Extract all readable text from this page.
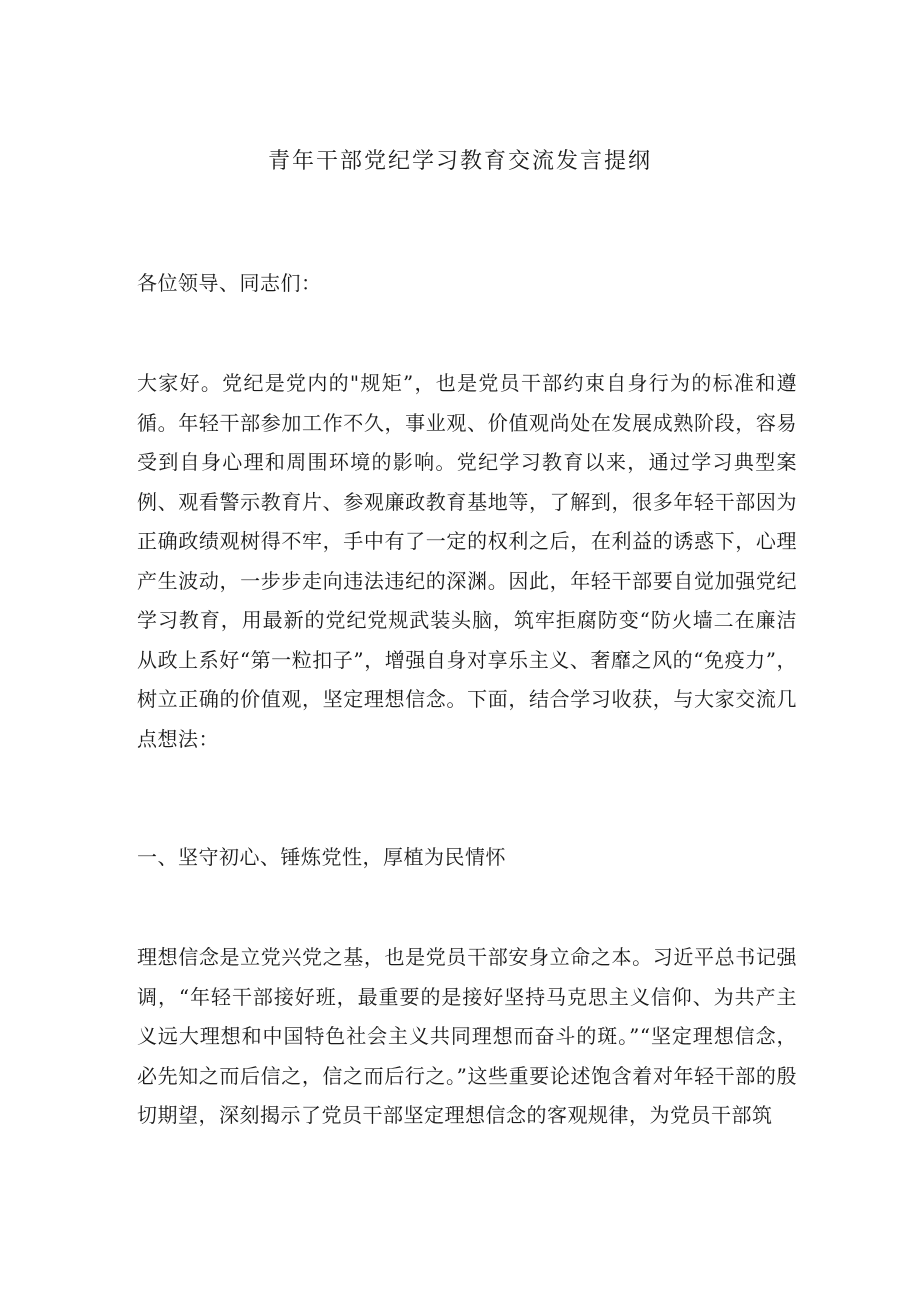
青年干部党纪学习教育交流发言提纲

各位领导、同志们：

大家好。党纪是党内的"规矩”，也是党员干部约束自身行为的标准和遵循。年轻干部参加工作不久，事业观、价值观尚处在发展成熟阶段，容易受到自身心理和周围环境的影响。党纪学习教育以来，通过学习典型案例、观看警示教育片、参观廉政教育基地等，了解到，很多年轻干部因为正确政绩观树得不牢，手中有了一定的权利之后，在利益的诱惑下，心理产生波动，一步步走向违法违纪的深渊。因此，年轻干部要自觉加强党纪学习教育，用最新的党纪党规武装头脑，筑牢拒腐防变“防火墙二在廉洁从政上系好“第一粒扣子”，增强自身对享乐主义、奢靡之风的“免疫力”，树立正确的价值观，坚定理想信念。下面，结合学习收获，与大家交流几点想法：

一、坚守初心、锤炼党性，厚植为民情怀

理想信念是立党兴党之基，也是党员干部安身立命之本。习近平总书记强调，“年轻干部接好班，最重要的是接好坚持马克思主义信仰、为共产主义远大理想和中国特色社会主义共同理想而奋斗的斑。”“坚定理想信念，必先知之而后信之，信之而后行之。”这些重要论述饱含着对年轻干部的殷切期望，深刻揭示了党员干部坚定理想信念的客观规律，为党员干部筑
